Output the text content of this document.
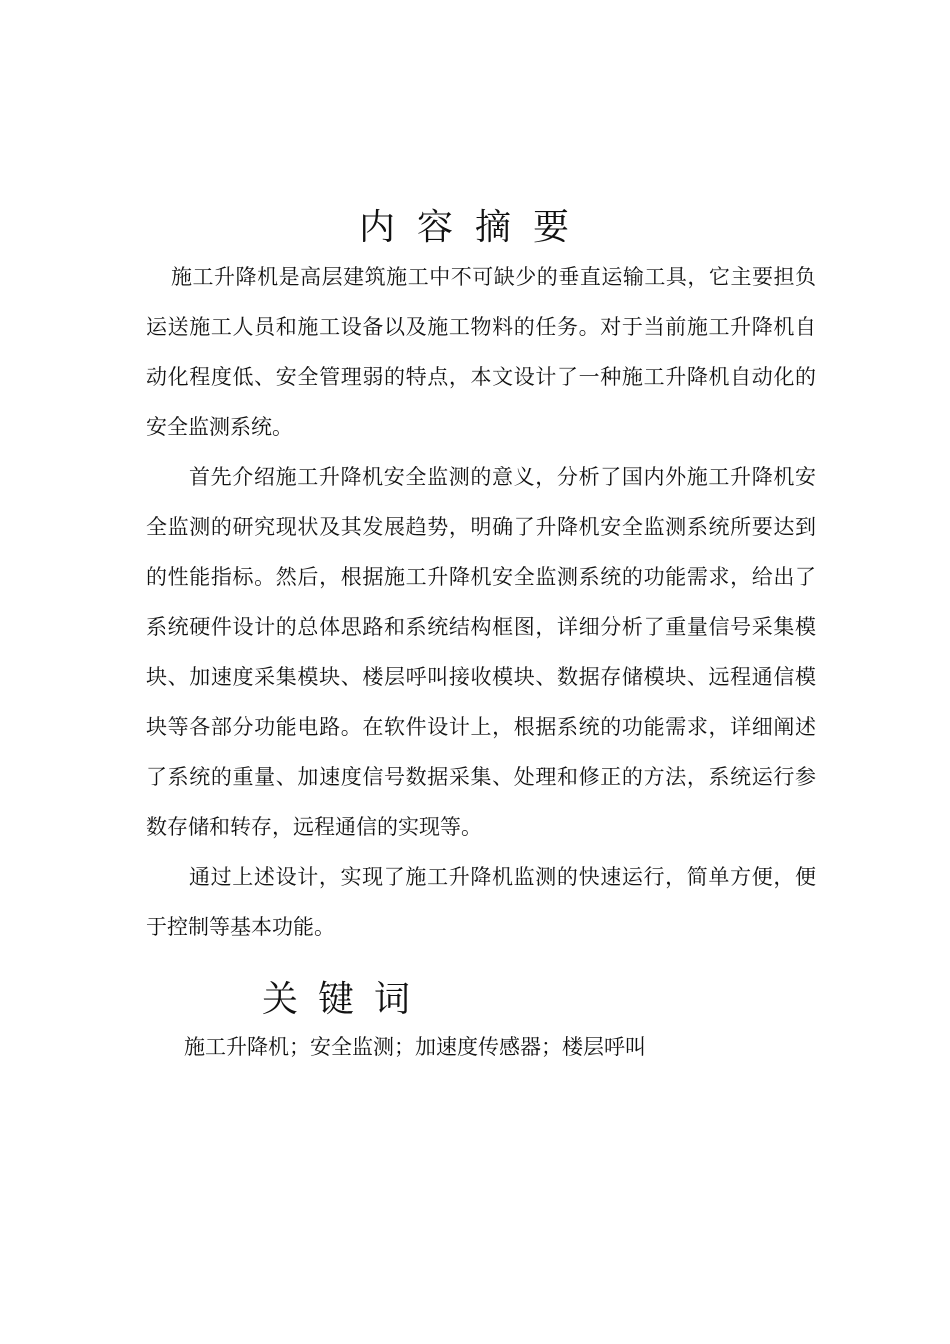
内容摘要
施工升降机是高层建筑施工中不可缺少的垂直运输工具，它主要担负运送施工人员和施工设备以及施工物料的任务。对于当前施工升降机自动化程度低、安全管理弱的特点，本文设计了一种施工升降机自动化的安全监测系统。
首先介绍施工升降机安全监测的意义，分析了国内外施工升降机安全监测的研究现状及其发展趋势，明确了升降机安全监测系统所要达到的性能指标。然后，根据施工升降机安全监测系统的功能需求，给出了系统硬件设计的总体思路和系统结构框图，详细分析了重量信号采集模块、加速度采集模块、楼层呼叫接收模块、数据存储模块、远程通信模块等各部分功能电路。在软件设计上，根据系统的功能需求，详细阐述了系统的重量、加速度信号数据采集、处理和修正的方法，系统运行参数存储和转存，远程通信的实现等。
通过上述设计，实现了施工升降机监测的快速运行，简单方便，便于控制等基本功能。
关键词
施工升降机；安全监测；加速度传感器；楼层呼叫
